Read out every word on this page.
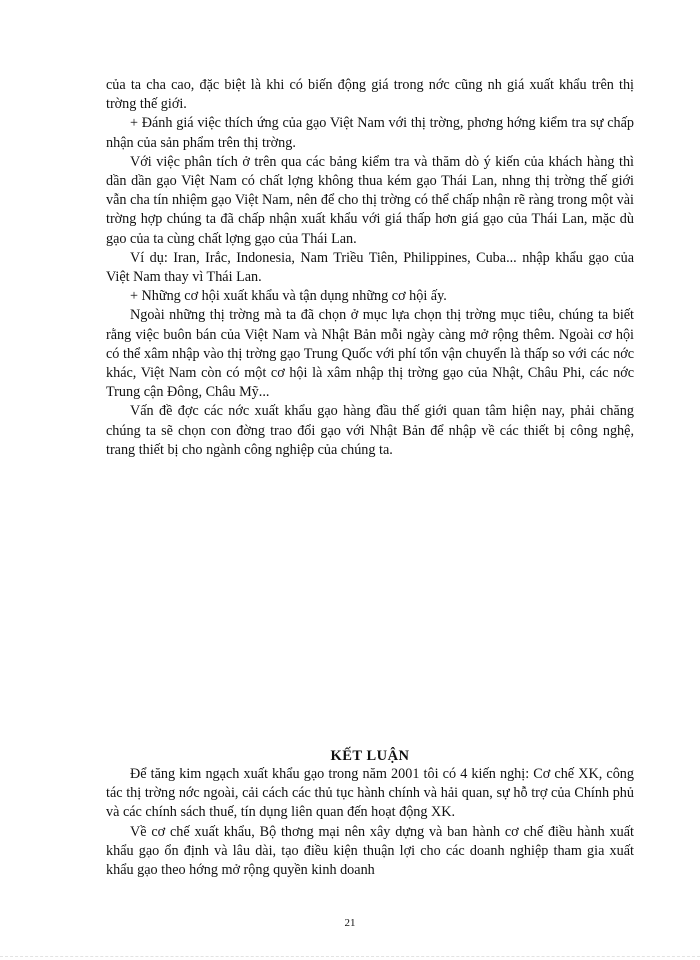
của ta cha cao, đặc biệt là khi có biến động giá trong nớc cũng nh giá xuất khẩu trên thị trờng thế giới.

+ Đánh giá việc thích ứng của gạo Việt Nam với thị trờng, phơng hớng kiểm tra sự chấp nhận của sản phẩm trên thị trờng.

Với việc phân tích ở trên qua các bảng kiểm tra và thăm dò ý kiến của khách hàng thì dần dần gạo Việt Nam có chất lợng không thua kém gạo Thái Lan, nhng thị trờng thế giới vẫn cha tín nhiệm gạo Việt Nam, nên để cho thị trờng có thể chấp nhận rẽ ràng trong một vài trờng hợp chúng ta đã chấp nhận xuất khẩu với giá thấp hơn giá gạo của Thái Lan, mặc dù gạo của ta cùng chất lợng gạo của Thái Lan.

Ví dụ: Iran, Irắc, Indonesia, Nam Triều Tiên, Philippines, Cuba... nhập khẩu gạo của Việt Nam thay vì Thái Lan.

+ Những cơ hội xuất khẩu và tận dụng những cơ hội ấy.

Ngoài những thị trờng mà ta đã chọn ở mục lựa chọn thị trờng mục tiêu, chúng ta biết rằng việc buôn bán của Việt Nam và Nhật Bản mỗi ngày càng mở rộng thêm. Ngoài cơ hội có thể xâm nhập vào thị trờng gạo Trung Quốc với phí tổn vận chuyển là thấp so với các nớc khác, Việt Nam còn có một cơ hội là xâm nhập thị trờng gạo của Nhật, Châu Phi, các nớc Trung cận Đông, Châu Mỹ...

Vấn đề đợc các nớc xuất khẩu gạo hàng đầu thế giới quan tâm hiện nay, phải chăng chúng ta sẽ chọn con đờng trao đổi gạo với Nhật Bản để nhập về các thiết bị công nghệ, trang thiết bị cho ngành công nghiệp của chúng ta.

KẾT LUẬN

Để tăng kim ngạch xuất khẩu gạo trong năm 2001 tôi có 4 kiến nghị: Cơ chế XK, công tác thị trờng nớc ngoài, cải cách các thủ tục hành chính và hải quan, sự hỗ trợ của Chính phủ và các chính sách thuế, tín dụng liên quan đến hoạt động XK.

Về cơ chế xuất khẩu, Bộ thơng mại nên xây dựng và ban hành cơ chế điều hành xuất khẩu gạo ổn định và lâu dài, tạo điều kiện thuận lợi cho các doanh nghiệp tham gia xuất khẩu gạo theo hớng mở rộng quyền kinh doanh

21
